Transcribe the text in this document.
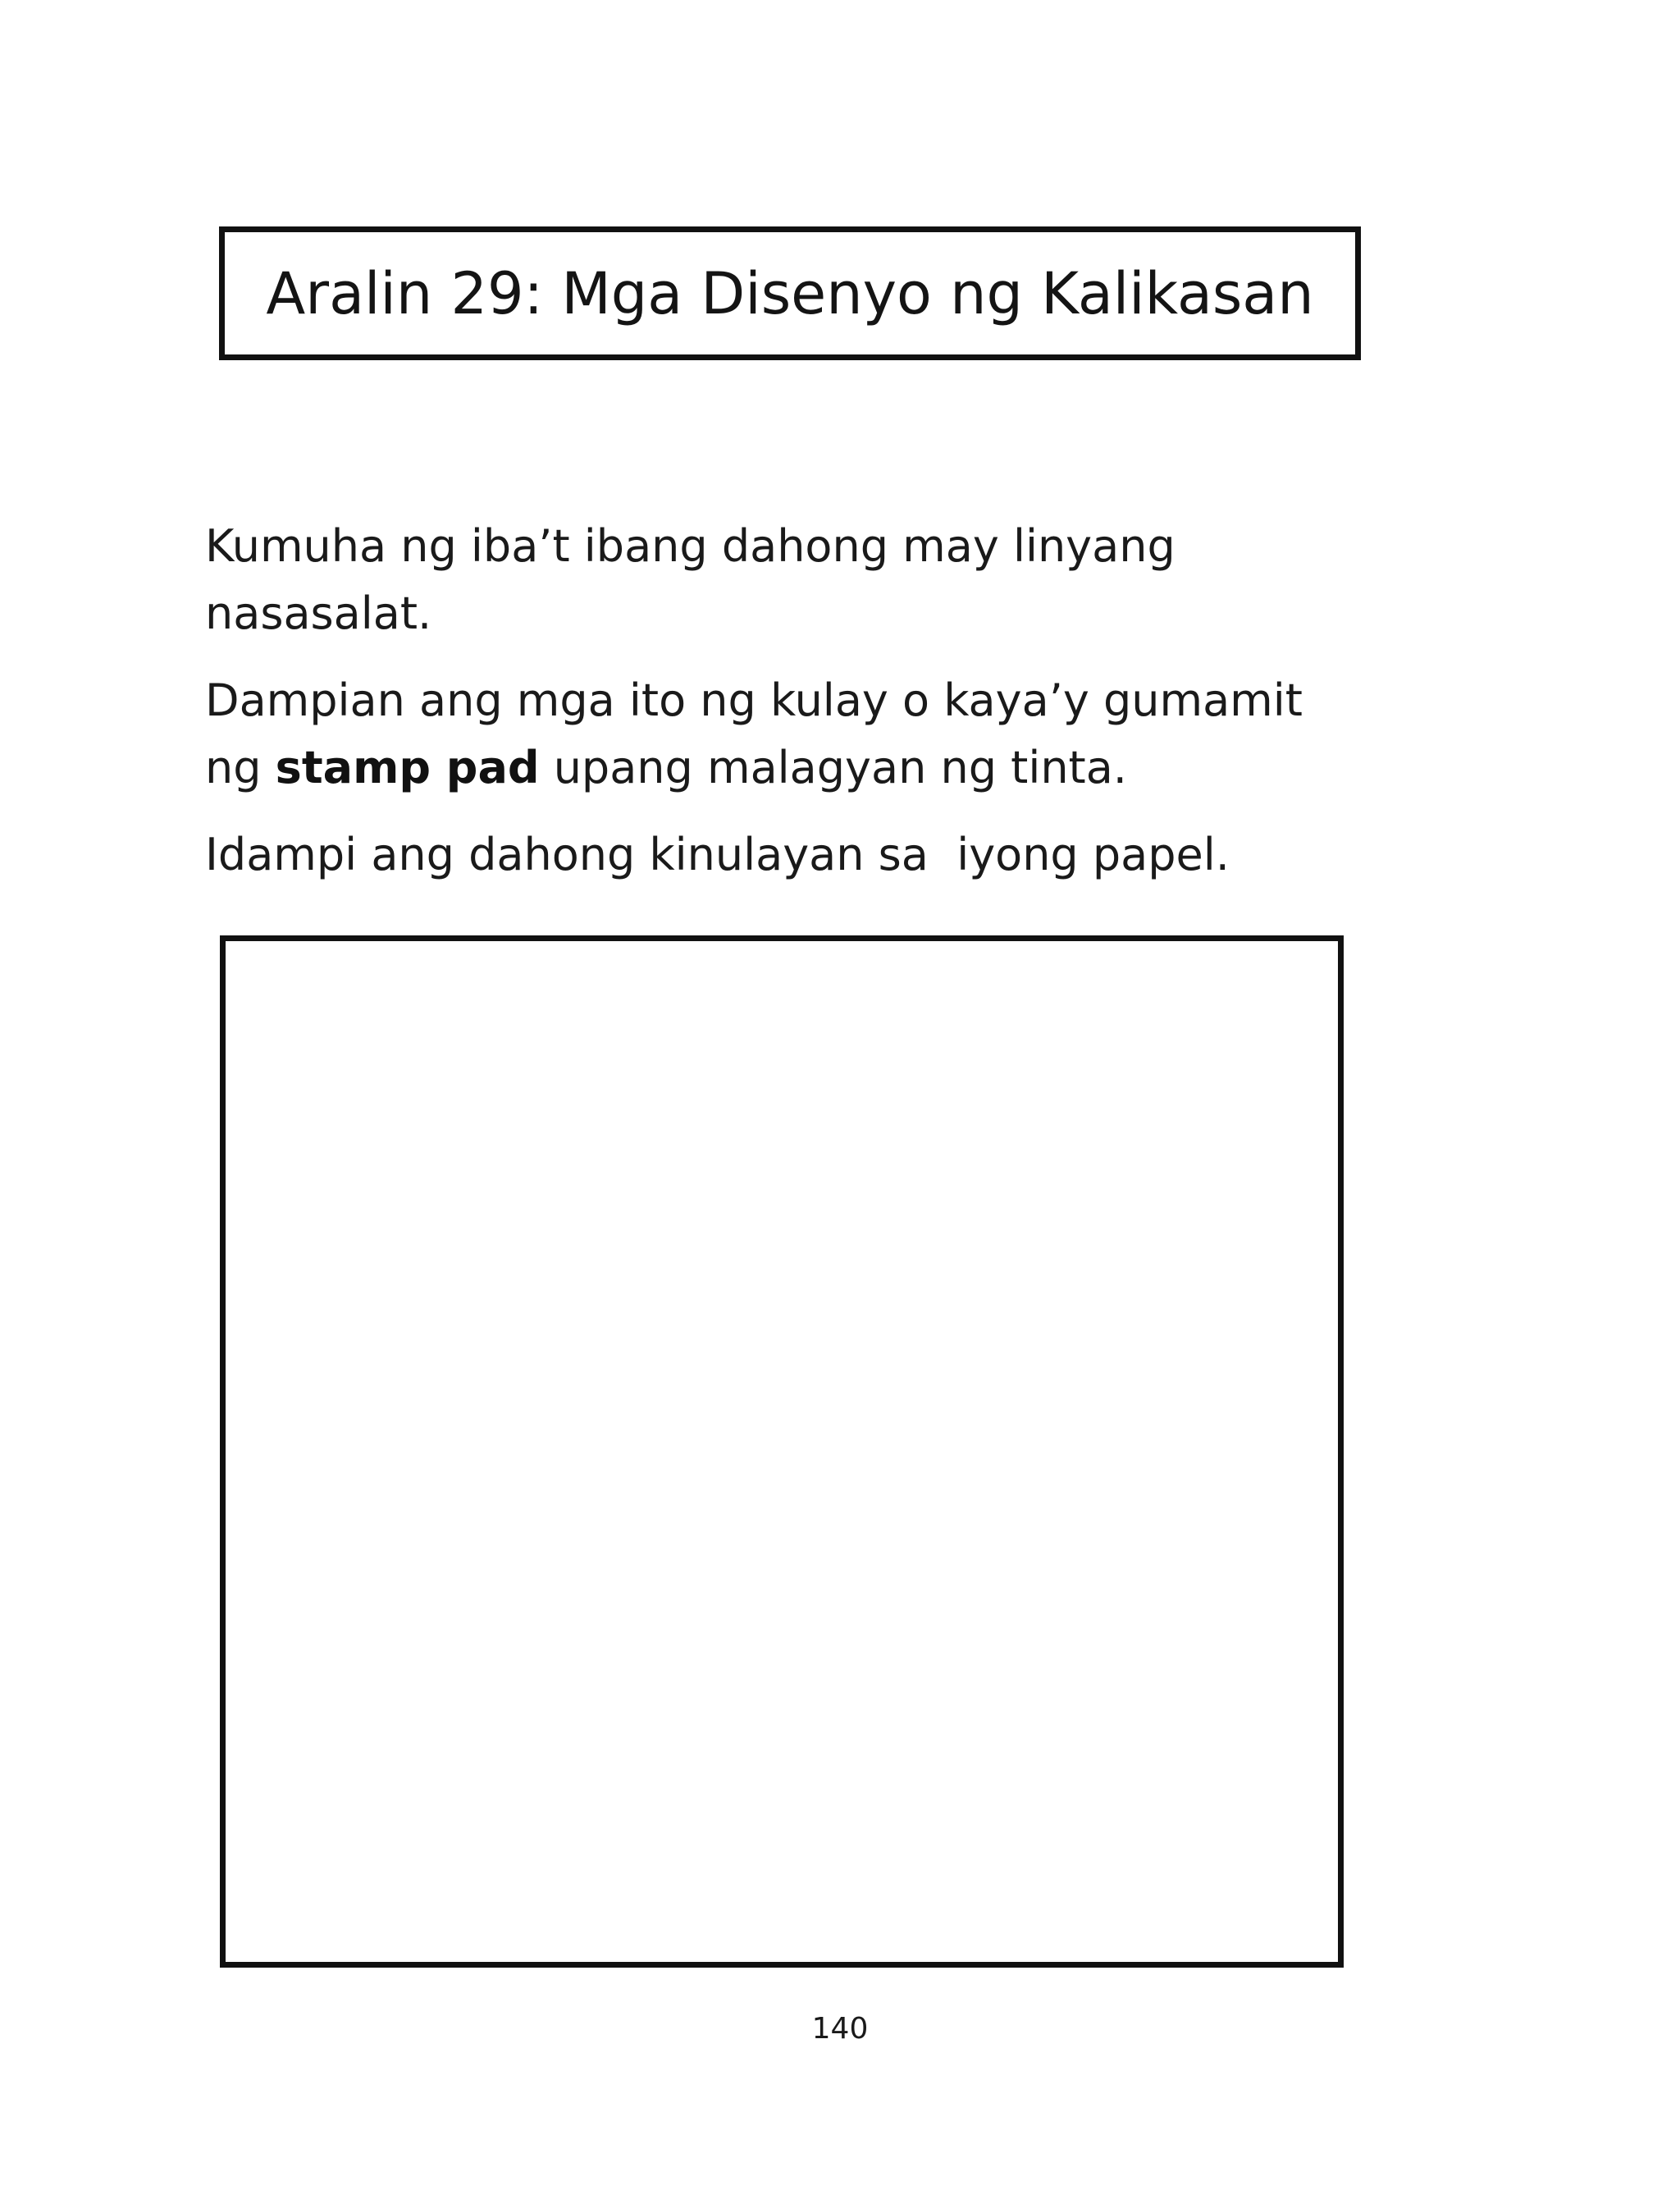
Aralin 29: Mga Disenyo ng Kalikasan

Kumuha ng iba’t ibang dahong may linyang
nasasalat.

Dampian ang mga ito ng kulay o kaya’y gumamit
ng stamp pad upang malagyan ng tinta.

Idampi ang dahong kinulayan sa  iyong papel.

140
